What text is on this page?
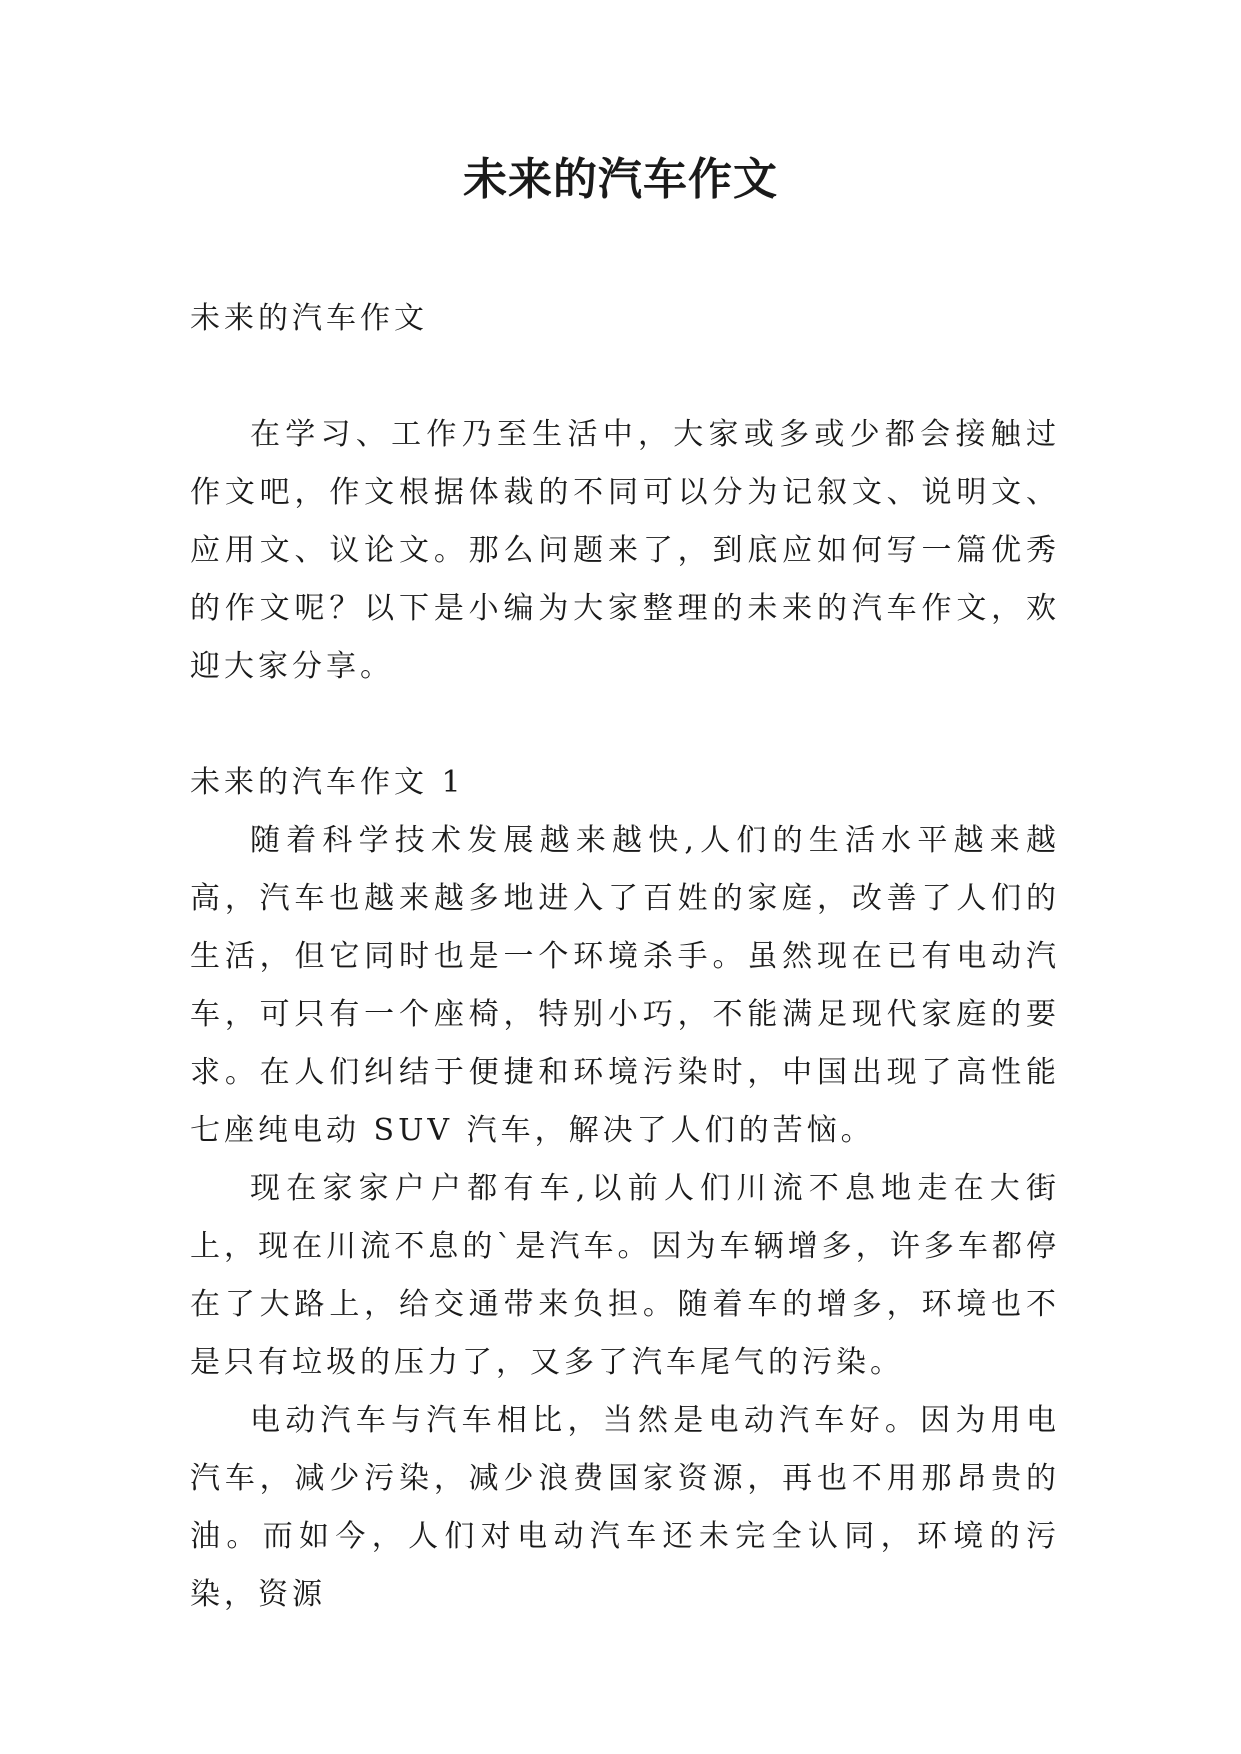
未来的汽车作文

未来的汽车作文

在学习、工作乃至生活中，大家或多或少都会接触过作文吧，作文根据体裁的不同可以分为记叙文、说明文、应用文、议论文。那么问题来了，到底应如何写一篇优秀的作文呢？以下是小编为大家整理的未来的汽车作文，欢迎大家分享。

未来的汽车作文 1

随着科学技术发展越来越快,人们的生活水平越来越高，汽车也越来越多地进入了百姓的家庭，改善了人们的生活，但它同时也是一个环境杀手。虽然现在已有电动汽车，可只有一个座椅，特别小巧，不能满足现代家庭的要求。在人们纠结于便捷和环境污染时，中国出现了高性能七座纯电动 SUV 汽车，解决了人们的苦恼。

现在家家户户都有车,以前人们川流不息地走在大街上，现在川流不息的`是汽车。因为车辆增多，许多车都停在了大路上，给交通带来负担。随着车的增多，环境也不是只有垃圾的压力了，又多了汽车尾气的污染。

电动汽车与汽车相比，当然是电动汽车好。因为用电汽车，减少污染，减少浪费国家资源，再也不用那昂贵的油。而如今，人们对电动汽车还未完全认同，环境的污染，资源
